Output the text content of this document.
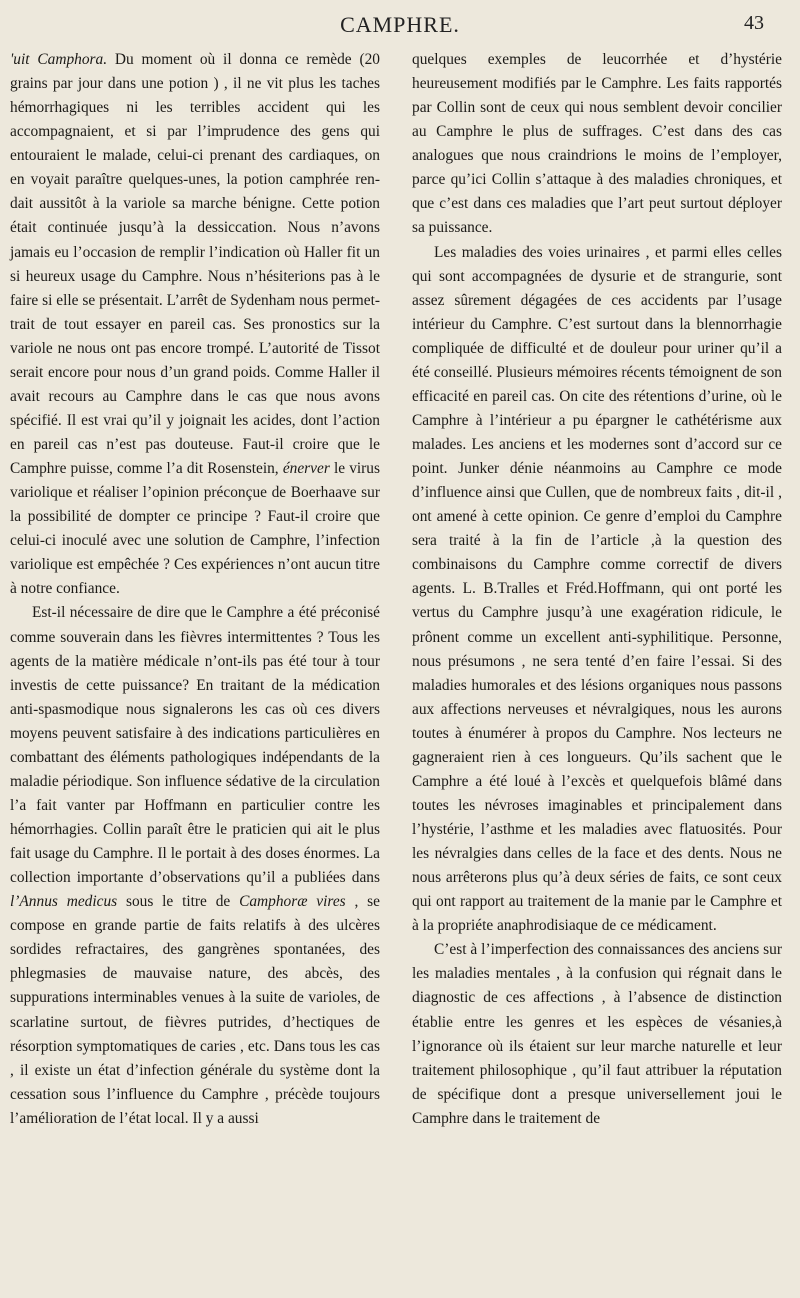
CAMPHRE.	43

'uit Camphora. Du moment où il donna ce remède (20 grains par jour dans une potion ) , il ne vit plus les taches hémorrhagiques ni les terribles accident qui les accompagnaient, et si par l’imprudence des gens qui entouraient le malade, celui-ci prenant des cardiaques, on en voyait paraître quelques-unes, la potion camphrée rendait aussitôt à la variole sa marche bénigne. Cette potion était continuée jusqu’à la dessiccation. Nous n’avons jamais eu l’occasion de remplir l’indication où Haller fit un si heureux usage du Camphre. Nous n’hésiterions pas à le faire si elle se présentait. L’arrêt de Sydenham nous permettrait de tout essayer en pareil cas. Ses pronostics sur la variole ne nous ont pas encore trompé. L’autorité de Tissot serait encore pour nous d’un grand poids. Comme Haller il avait recours au Camphre dans le cas que nous avons spécifié. Il est vrai qu’il y joignait les acides, dont l’action en pareil cas n’est pas douteuse. Faut-il croire que le Camphre puisse, comme l’a dit Rosenstein, énerver le virus variolique et réaliser l’opinion préconçue de Boerhaave sur la possibilité de dompter ce principe ? Faut-il croire que celui-ci inoculé avec une solution de Camphre, l’infection variolique est empêchée ? Ces expériences n’ont aucun titre à notre confiance.

Est-il nécessaire de dire que le Camphre a été préconisé comme souverain dans les fièvres intermittentes ? Tous les agents de la matière médicale n’ont-ils pas été tour à tour investis de cette puissance? En traitant de la médication anti-spasmodique nous signalerons les cas où ces divers moyens peuvent satisfaire à des indications particulières en combattant des éléments pathologiques indépendants de la maladie périodique. Son influence sédative de la circulation l’a fait vanter par Hoffmann en particulier contre les hémorrhagies. Collin paraît être le praticien qui ait le plus fait usage du Camphre. Il le portait à des doses énormes. La collection importante d’observations qu’il a publiées dans l’Annus medicus sous le titre de Camphoræ vires , se compose en grande partie de faits relatifs à des ulcères sordides refractaires, des gangrènes spontanées, des phlegmasies de mauvaise nature, des abcès, des suppurations interminables venues à la suite de varioles, de scarlatine surtout, de fièvres putrides, d’hectiques de résorption symptomatiques de caries , etc. Dans tous les cas , il existe un état d’infection générale du système dont la cessation sous l’influence du Camphre , précède toujours l’amélioration de l’état local. Il y a aussi

quelques exemples de leucorrhée et d’hystérie heureusement modifiés par le Camphre. Les faits rapportés par Collin sont de ceux qui nous semblent devoir concilier au Camphre le plus de suffrages. C’est dans des cas analogues que nous craindrions le moins de l’employer, parce qu’ici Collin s’attaque à des maladies chroniques, et que c’est dans ces maladies que l’art peut surtout déployer sa puissance.

Les maladies des voies urinaires , et parmi elles celles qui sont accompagnées de dysurie et de strangurie, sont assez sûrement dégagées de ces accidents par l’usage intérieur du Camphre. C’est surtout dans la blennorrhagie compliquée de difficulté et de douleur pour uriner qu’il a été conseillé. Plusieurs mémoires récents témoignent de son efficacité en pareil cas. On cite des rétentions d’urine, où le Camphre à l’intérieur a pu épargner le cathétérisme aux malades. Les anciens et les modernes sont d’accord sur ce point. Junker dénie néanmoins au Camphre ce mode d’influence ainsi que Cullen, que de nombreux faits , dit-il , ont amené à cette opinion. Ce genre d’emploi du Camphre sera traité à la fin de l’article ,à la question des combinaisons du Camphre comme correctif de divers agents. L. B.Tralles et Fréd.Hoffmann, qui ont porté les vertus du Camphre jusqu’à une exagération ridicule, le prônent comme un excellent anti-syphilitique. Personne, nous présumons , ne sera tenté d’en faire l’essai. Si des maladies humorales et des lésions organiques nous passons aux affections nerveuses et névralgiques, nous les aurons toutes à énumérer à propos du Camphre. Nos lecteurs ne gagneraient rien à ces longueurs. Qu’ils sachent que le Camphre a été loué à l’excès et quelquefois blâmé dans toutes les névroses imaginables et principalement dans l’hystérie, l’asthme et les maladies avec flatuosités. Pour les névralgies dans celles de la face et des dents. Nous ne nous arrêterons plus qu’à deux séries de faits, ce sont ceux qui ont rapport au traitement de la manie par le Camphre et à la propriéte anaphrodisiaque de ce médicament.

C’est à l’imperfection des connaissances des anciens sur les maladies mentales , à la confusion qui régnait dans le diagnostic de ces affections , à l’absence de distinction établie entre les genres et les espèces de vésanies,à l’ignorance où ils étaient sur leur marche naturelle et leur traitement philosophique , qu’il faut attribuer la réputation de spécifique dont a presque universellement joui le Camphre dans le traitement de
